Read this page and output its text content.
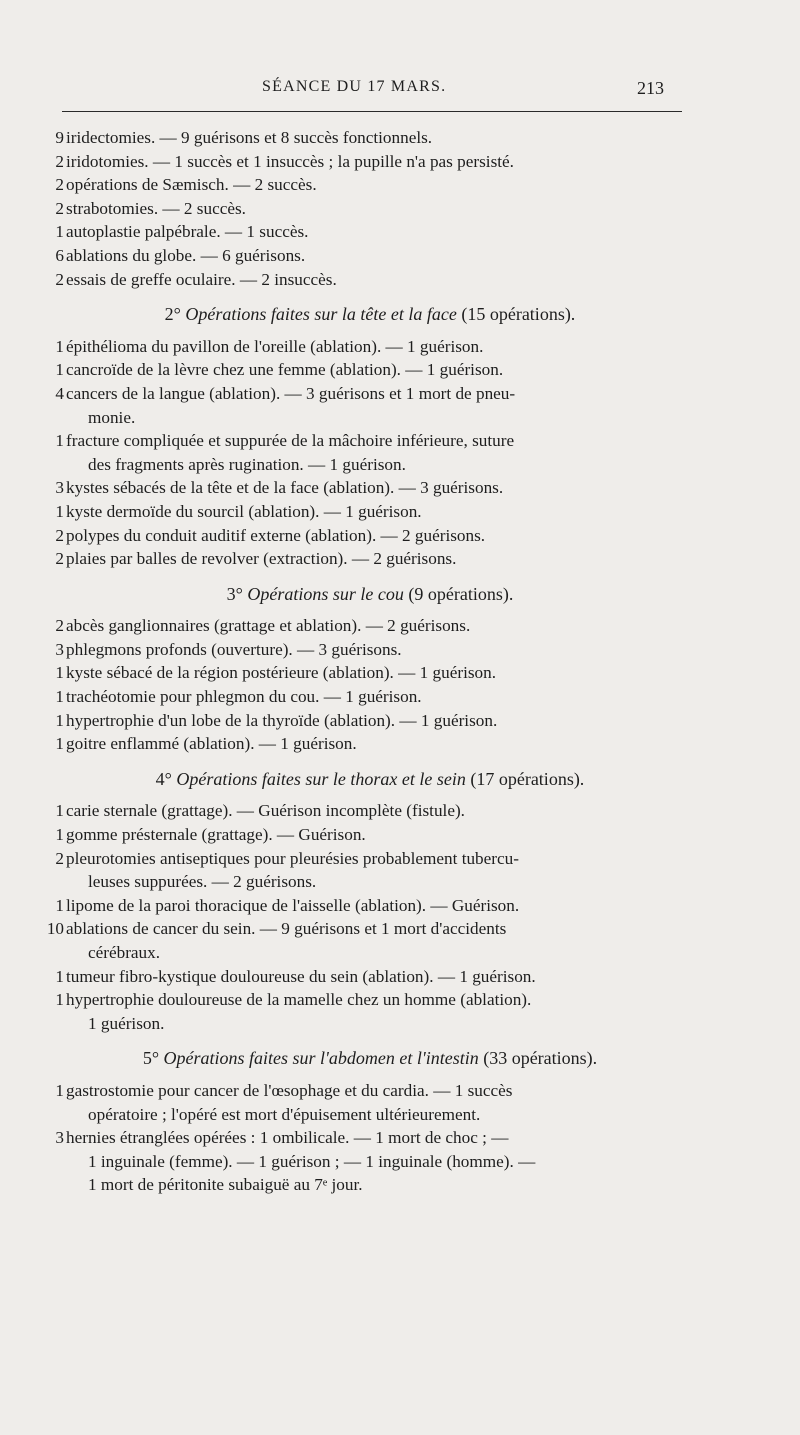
SÉANCE DU 17 MARS.	213
9 iridectomies. — 9 guérisons et 8 succès fonctionnels.
2 iridotomies. — 1 succès et 1 insuccès ; la pupille n'a pas persisté.
2 opérations de Sæmisch. — 2 succès.
2 strabotomies. — 2 succès.
1 autoplastie palpébrale. — 1 succès.
6 ablations du globe. — 6 guérisons.
2 essais de greffe oculaire. — 2 insuccès.
2° Opérations faites sur la tête et la face (15 opérations).
1 épithélioma du pavillon de l'oreille (ablation). — 1 guérison.
1 cancroïde de la lèvre chez une femme (ablation). — 1 guérison.
4 cancers de la langue (ablation). — 3 guérisons et 1 mort de pneu-
monie.
1 fracture compliquée et suppurée de la mâchoire inférieure, suture
des fragments après rugination. — 1 guérison.
3 kystes sébacés de la tête et de la face (ablation). — 3 guérisons.
1 kyste dermoïde du sourcil (ablation). — 1 guérison.
2 polypes du conduit auditif externe (ablation). — 2 guérisons.
2 plaies par balles de revolver (extraction). — 2 guérisons.
3° Opérations sur le cou (9 opérations).
2 abcès ganglionnaires (grattage et ablation). — 2 guérisons.
3 phlegmons profonds (ouverture). — 3 guérisons.
1 kyste sébacé de la région postérieure (ablation). — 1 guérison.
1 trachéotomie pour phlegmon du cou. — 1 guérison.
1 hypertrophie d'un lobe de la thyroïde (ablation). — 1 guérison.
1 goitre enflammé (ablation). — 1 guérison.
4° Opérations faites sur le thorax et le sein (17 opérations).
1 carie sternale (grattage). — Guérison incomplète (fistule).
1 gomme présternale (grattage). — Guérison.
2 pleurotomies antiseptiques pour pleurésies probablement tubercu-
leuses suppurées. — 2 guérisons.
1 lipome de la paroi thoracique de l'aisselle (ablation). — Guérison.
10 ablations de cancer du sein. — 9 guérisons et 1 mort d'accidents
cérébraux.
1 tumeur fibro-kystique douloureuse du sein (ablation). — 1 guérison.
1 hypertrophie douloureuse de la mamelle chez un homme (ablation).
1 guérison.
5° Opérations faites sur l'abdomen et l'intestin (33 opérations).
1 gastrostomie pour cancer de l'œsophage et du cardia. — 1 succès
opératoire ; l'opéré est mort d'épuisement ultérieurement.
3 hernies étranglées opérées : 1 ombilicale. — 1 mort de choc ; —
1 inguinale (femme). — 1 guérison ; — 1 inguinale (homme). —
1 mort de péritonite subaiguë au 7ᵉ jour.
